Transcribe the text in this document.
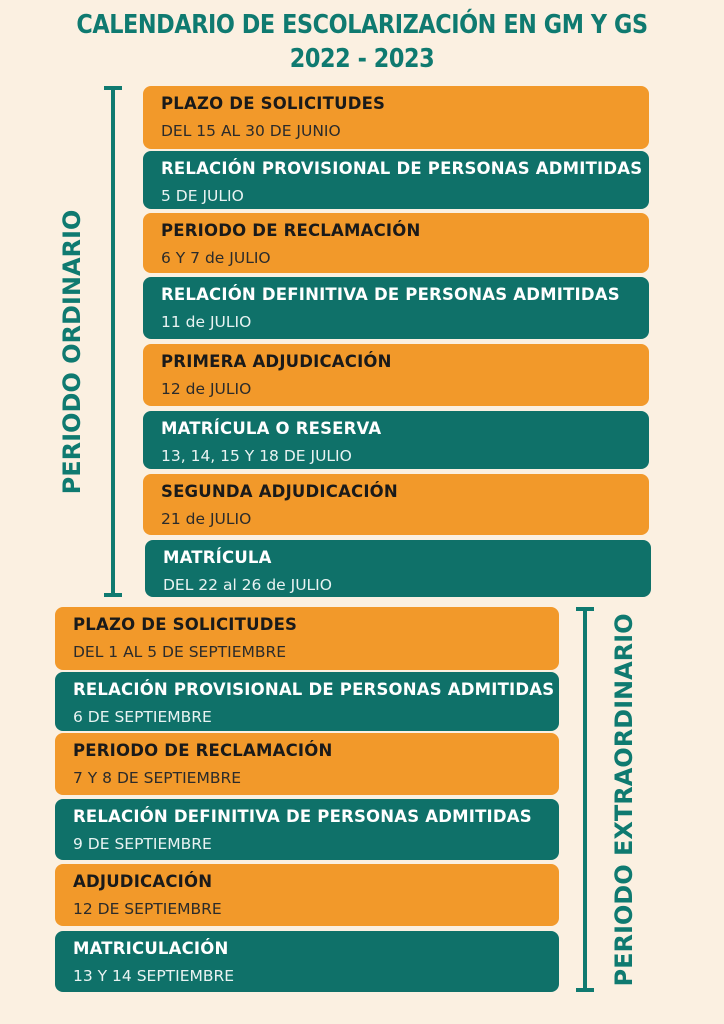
CALENDARIO DE ESCOLARIZACIÓN EN GM Y GS
2022 - 2023
PERIODO ORDINARIO
PLAZO DE SOLICITUDES
DEL 15 AL 30 DE JUNIO
RELACIÓN PROVISIONAL DE PERSONAS ADMITIDAS
5 DE JULIO
PERIODO DE RECLAMACIÓN
6 Y 7 de JULIO
RELACIÓN DEFINITIVA DE PERSONAS ADMITIDAS
11 de JULIO
PRIMERA ADJUDICACIÓN
12 de JULIO
MATRÍCULA O RESERVA
13, 14, 15 Y 18 DE JULIO
SEGUNDA ADJUDICACIÓN
21 de JULIO
MATRÍCULA
DEL 22 al 26 de JULIO
PERIODO EXTRAORDINARIO
PLAZO DE SOLICITUDES
DEL 1 AL 5 DE SEPTIEMBRE
RELACIÓN PROVISIONAL DE PERSONAS ADMITIDAS
6 DE SEPTIEMBRE
PERIODO DE RECLAMACIÓN
7 Y 8 DE SEPTIEMBRE
RELACIÓN DEFINITIVA DE PERSONAS ADMITIDAS
9 DE SEPTIEMBRE
ADJUDICACIÓN
12 DE SEPTIEMBRE
MATRICULACIÓN
13 Y 14 SEPTIEMBRE
